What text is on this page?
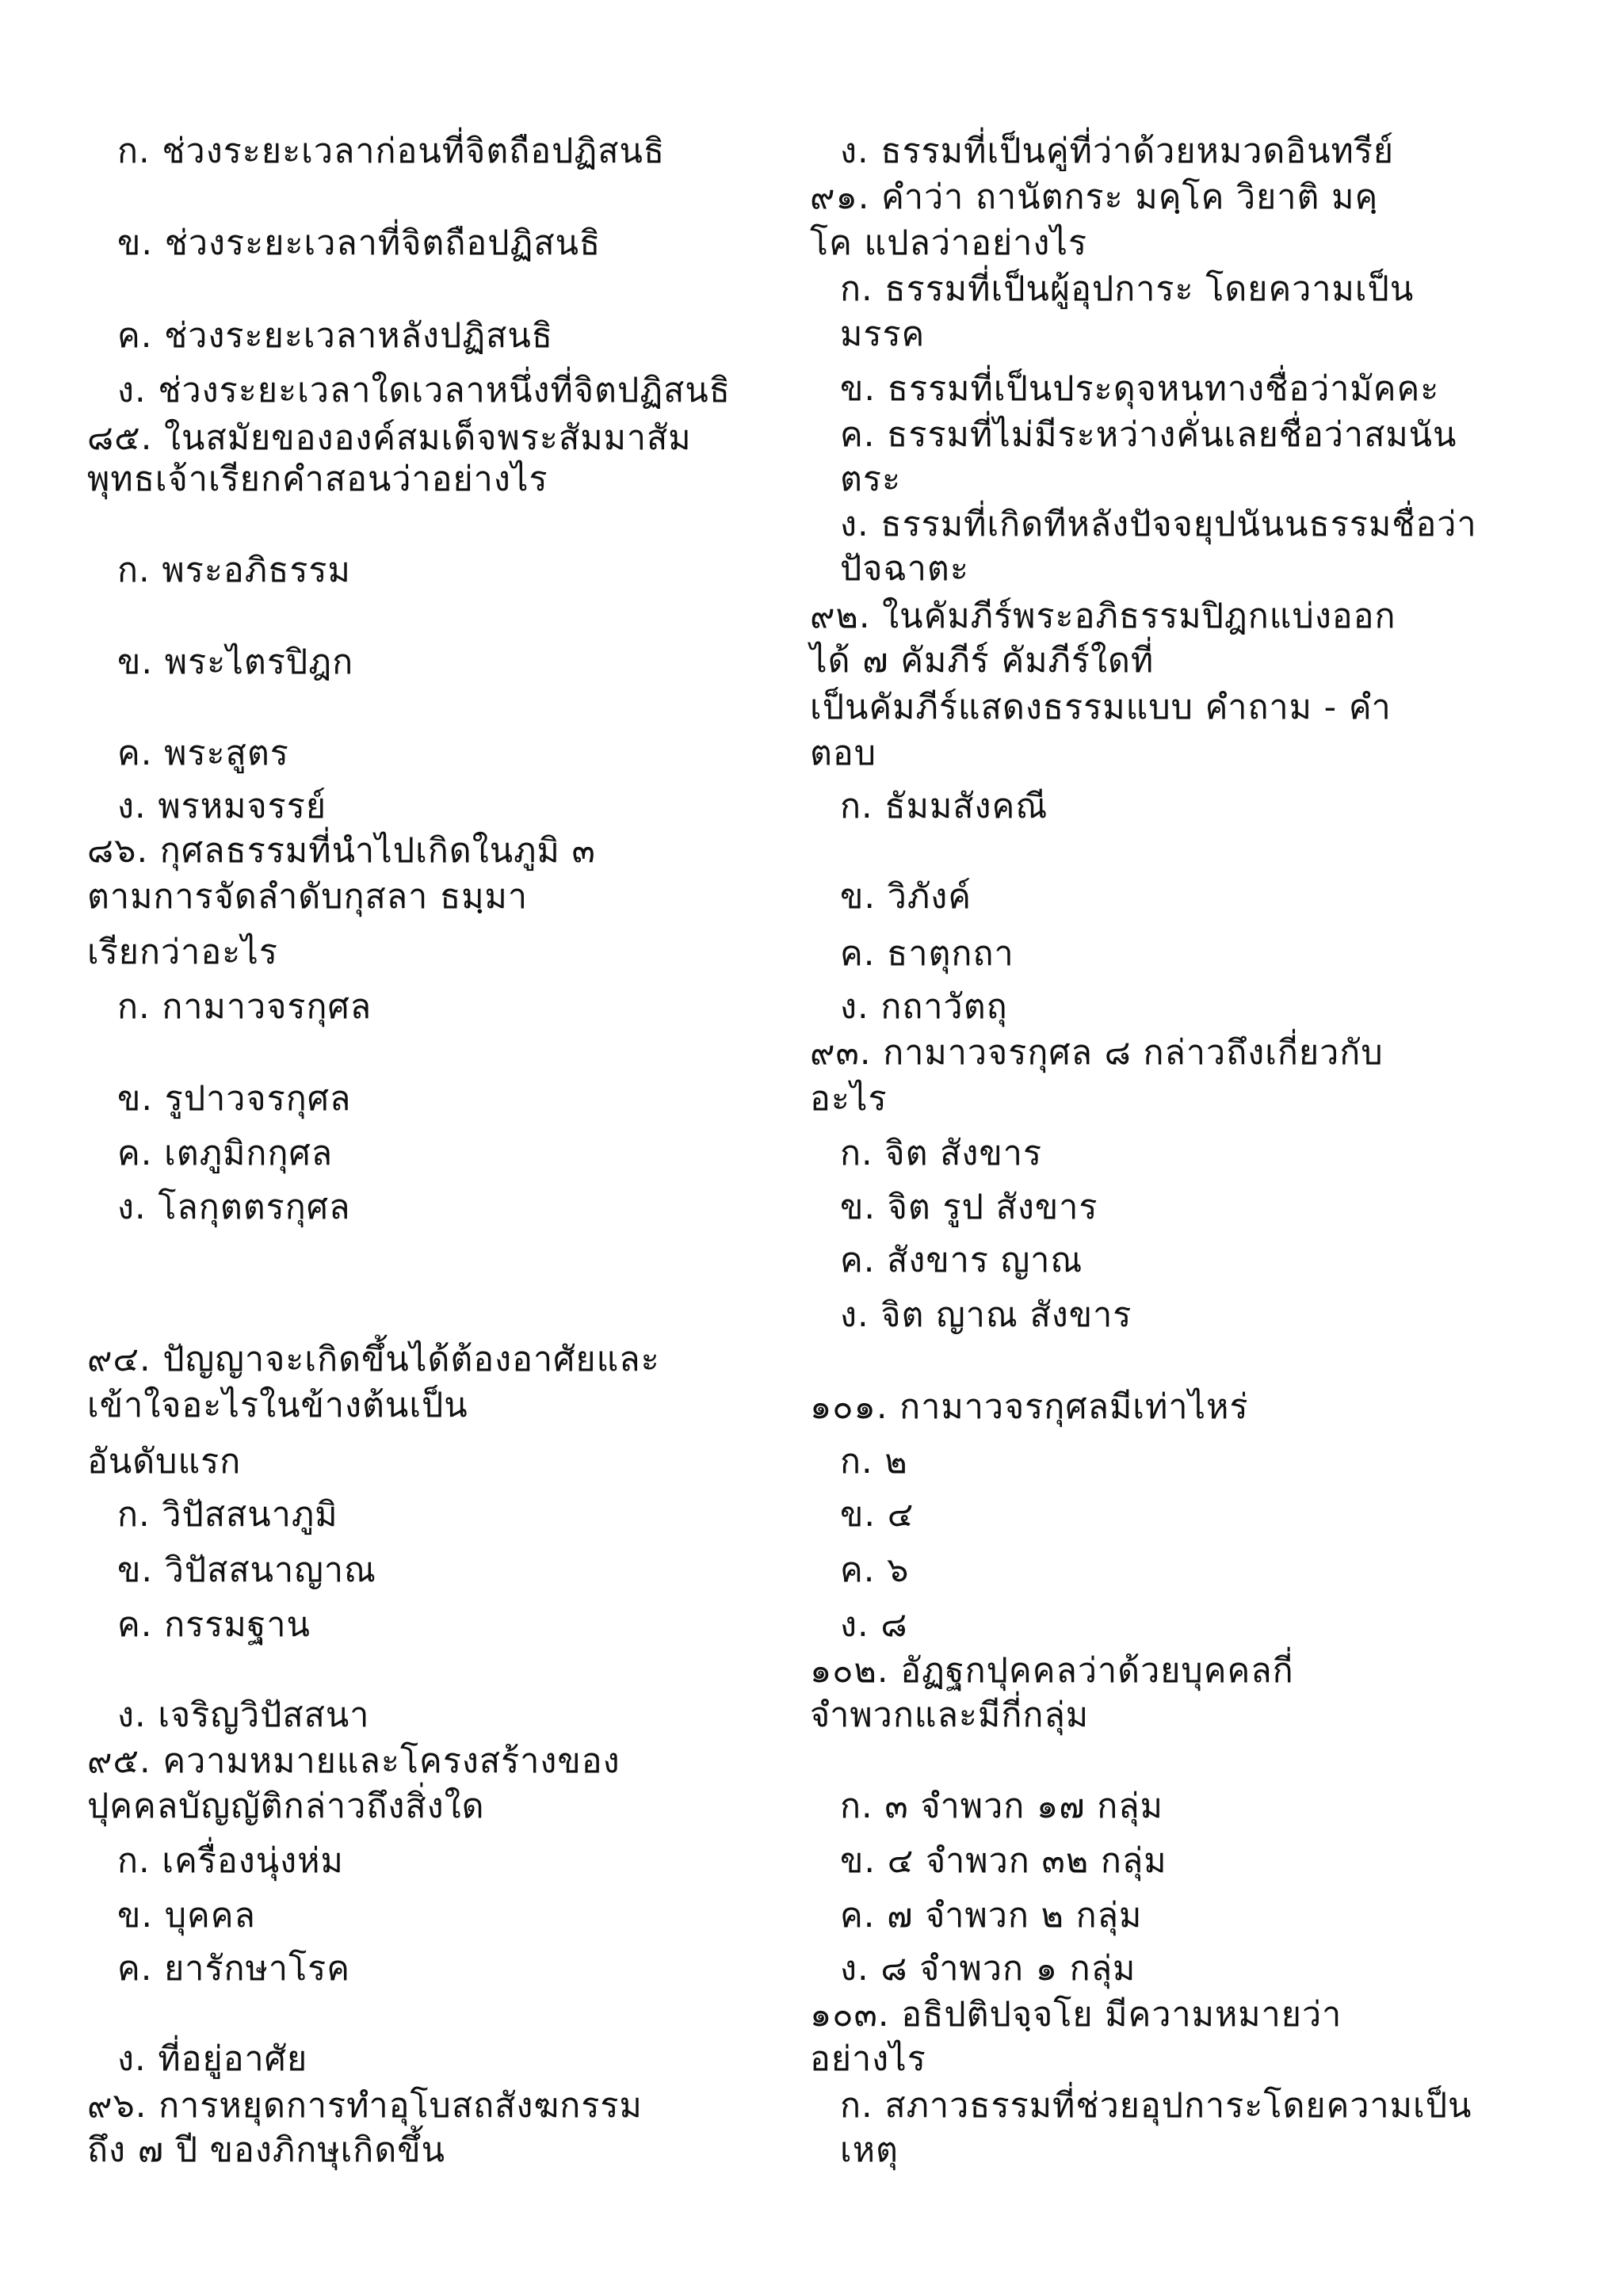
ก. ช่วงระยะเวลาก่อนที่จิตถือปฏิสนธิ
ข. ช่วงระยะเวลาที่จิตถือปฏิสนธิ
ค. ช่วงระยะเวลาหลังปฏิสนธิ
ง. ช่วงระยะเวลาใดเวลาหนึ่งที่จิตปฏิสนธิ
๘๕. ในสมัยขององค์สมเด็จพระสัมมาสัม
พุทธเจ้าเรียกคำสอนว่าอย่างไร
ก. พระอภิธรรม
ข. พระไตรปิฎก
ค. พระสูตร
ง. พรหมจรรย์
๘๖. กุศลธรรมที่นำไปเกิดในภูมิ ๓
ตามการจัดลำดับกุสลา ธมฺมา
เรียกว่าอะไร
ก. กามาวจรกุศล
ข. รูปาวจรกุศล
ค. เตภูมิกกุศล
ง. โลกุตตรกุศล
๙๔. ปัญญาจะเกิดขึ้นได้ต้องอาศัยและ
เข้าใจอะไรในข้างต้นเป็น
อันดับแรก
ก. วิปัสสนาภูมิ
ข. วิปัสสนาญาณ
ค. กรรมฐาน
ง. เจริญวิปัสสนา
๙๕. ความหมายและโครงสร้างของ
ปุคคลบัญญัติกล่าวถึงสิ่งใด
ก. เครื่องนุ่งห่ม
ข. บุคคล
ค. ยารักษาโรค
ง. ที่อยู่อาศัย
๙๖. การหยุดการทำอุโบสถสังฆกรรม
ถึง ๗ ปี ของภิกษุเกิดขึ้น
ง. ธรรมที่เป็นคู่ที่ว่าด้วยหมวดอินทรีย์
๙๑. คำว่า ถานัตกระ มคฺโค วิยาติ มคฺ
โค แปลว่าอย่างไร
ก. ธรรมที่เป็นผู้อุปการะ โดยความเป็น
มรรค
ข. ธรรมที่เป็นประดุจหนทางชื่อว่ามัคคะ
ค. ธรรมที่ไม่มีระหว่างคั่นเลยชื่อว่าสมนัน
ตระ
ง. ธรรมที่เกิดทีหลังปัจจยุปนันนธรรมชื่อว่า
ปัจฉาตะ
๙๒. ในคัมภีร์พระอภิธรรมปิฎกแบ่งออก
ได้ ๗ คัมภีร์ คัมภีร์ใดที่
เป็นคัมภีร์แสดงธรรมแบบ คำถาม - คำ
ตอบ
ก. ธัมมสังคณี
ข. วิภังค์
ค. ธาตุกถา
ง. กถาวัตถุ
๙๓. กามาวจรกุศล ๘ กล่าวถึงเกี่ยวกับ
อะไร
ก. จิต สังขาร
ข. จิต รูป สังขาร
ค. สังขาร ญาณ
ง. จิต ญาณ สังขาร
๑๐๑. กามาวจรกุศลมีเท่าไหร่
ก. ๒
ข. ๔
ค. ๖
ง. ๘
๑๐๒. อัฏฐกปุคคลว่าด้วยบุคคลกี่
จำพวกและมีกี่กลุ่ม
ก. ๓ จำพวก ๑๗ กลุ่ม
ข. ๔ จำพวก ๓๒ กลุ่ม
ค. ๗ จำพวก ๒ กลุ่ม
ง. ๘ จำพวก ๑ กลุ่ม
๑๐๓. อธิปติปจฺจโย มีความหมายว่า
อย่างไร
ก. สภาวธรรมที่ช่วยอุปการะโดยความเป็น
เหตุ
